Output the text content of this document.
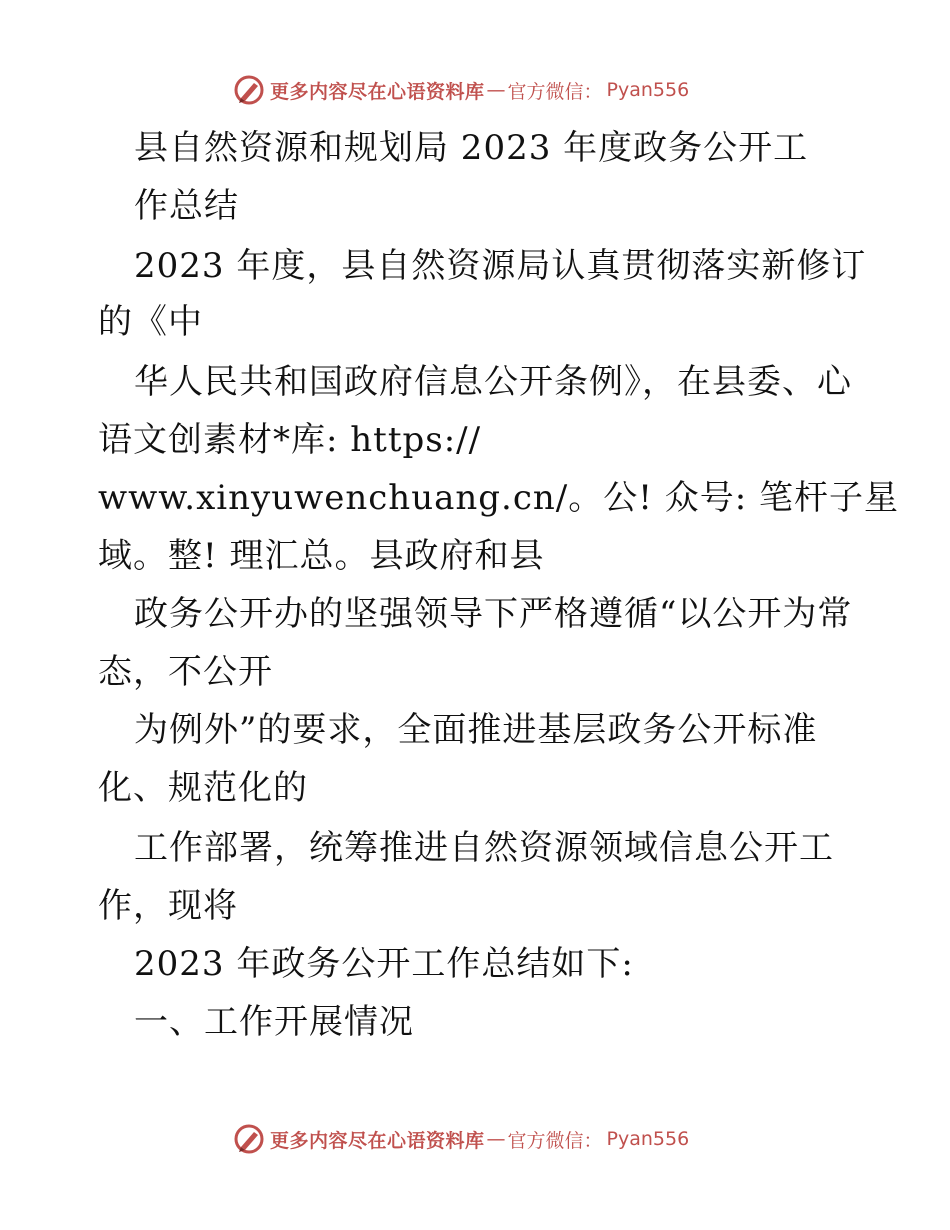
更多内容尽在心语资料库 — 官方微信： Pyan556
县自然资源和规划局 2023 年度政务公开工
作总结
2023 年度，县自然资源局认真贯彻落实新修订
的《中
华人民共和国政府信息公开条例》，在县委、心
语文创素材*库: https://
www.xinyuwenchuang.cn/。公! 众号: 笔杆子星
域。整! 理汇总。县政府和县
政务公开办的坚强领导下严格遵循“以公开为常
态，不公开
为例外”的要求，全面推进基层政务公开标准
化、规范化的
工作部署，统筹推进自然资源领域信息公开工
作，现将
2023 年政务公开工作总结如下:
一、工作开展情况
更多内容尽在心语资料库 — 官方微信： Pyan556
